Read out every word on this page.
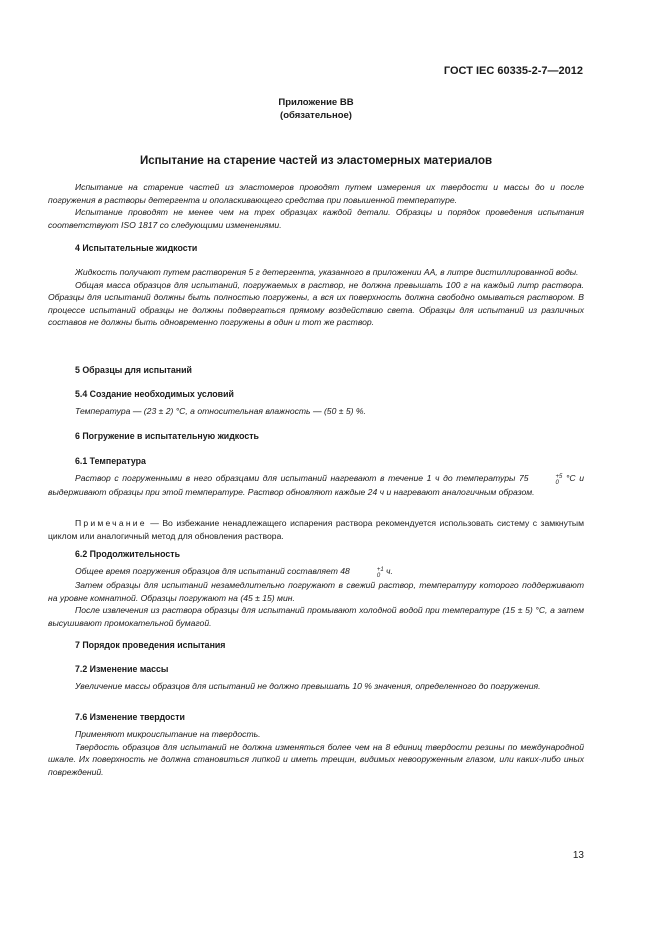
ГОСТ IEC 60335-2-7—2012
Приложение ВВ
(обязательное)
Испытание на старение частей из эластомерных материалов

Испытание на старение частей из эластомеров проводят путем измерения их твердости и массы до и после погружения в растворы детергента и ополаскивающего средства при повышенной температуре.

Испытание проводят не менее чем на трех образцах каждой детали. Образцы и порядок проведения испытания соответствуют ISO 1817 со следующими изменениями.

4 Испытательные жидкости

Жидкость получают путем растворения 5 г детергента, указанного в приложении АА, в литре дистиллированной воды.

Общая масса образцов для испытаний, погружаемых в раствор, не должна превышать 100 г на каждый литр раствора. Образцы для испытаний должны быть полностью погружены, а вся их поверхность должна свободно омываться раствором. В процессе испытаний образцы не должны подвергаться прямому воздействию света. Образцы для испытаний из различных составов не должны быть одновременно погружены в один и тот же раствор.

5 Образцы для испытаний
5.4 Создание необходимых условий

Температура — (23 ± 2) °С, а относительная влажность — (50 ± 5) %.

6 Погружение в испытательную жидкость
6.1 Температура

Раствор с погруженными в него образцами для испытаний нагревают в течение 1 ч до температуры 75	+5
0 °С и выдерживают образцы при этой температуре. Раствор обновляют каждые 24 ч и нагревают аналогичным образом.

Примечание — Во избежание ненадлежащего испарения раствора рекомендуется использовать систему с замкнутым циклом или аналогичный метод для обновления раствора.

6.2 Продолжительность

Общее время погружения образцов для испытаний составляет 48	+1
0 ч.

Затем образцы для испытаний незамедлительно погружают в свежий раствор, температуру которого поддерживают на уровне комнатной. Образцы погружают на (45 ± 15) мин.

После извлечения из раствора образцы для испытаний промывают холодной водой при температуре (15 ± 5) °С, а затем высушивают промокательной бумагой.

7 Порядок проведения испытания
7.2 Изменение массы

Увеличение массы образцов для испытаний не должно превышать 10 % значения, определенного до погружения.

7.6 Изменение твердости

Применяют микроиспытание на твердость.

Твердость образцов для испытаний не должна изменяться более чем на 8 единиц твердости резины по международной шкале. Их поверхность не должна становиться липкой и иметь трещин, видимых невооруженным глазом, или каких-либо иных повреждений.

13
